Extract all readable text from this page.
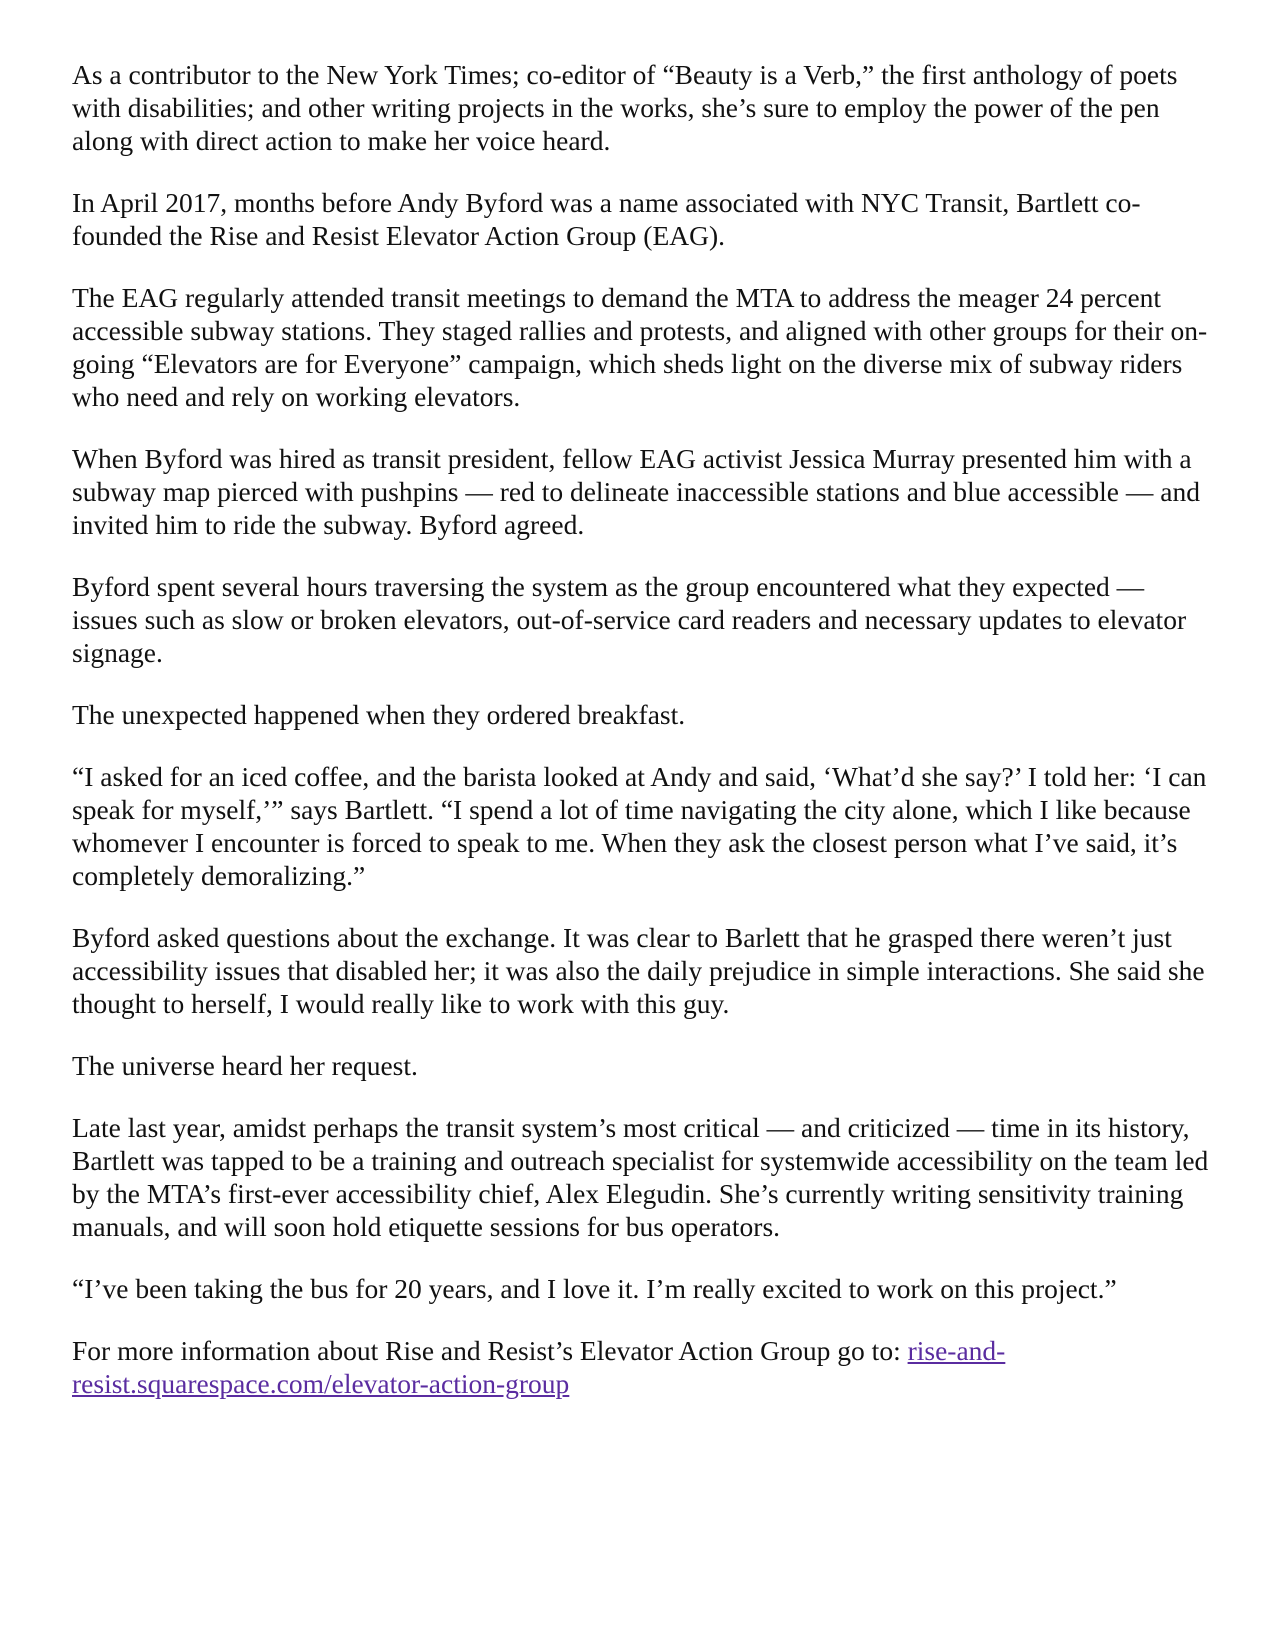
As a contributor to the New York Times; co-editor of “Beauty is a Verb,” the first anthology of poets with disabilities; and other writing projects in the works, she’s sure to employ the power of the pen along with direct action to make her voice heard.

In April 2017, months before Andy Byford was a name associated with NYC Transit, Bartlett co-founded the Rise and Resist Elevator Action Group (EAG).

The EAG regularly attended transit meetings to demand the MTA to address the meager 24 percent accessible subway stations. They staged rallies and protests, and aligned with other groups for their on-going “Elevators are for Everyone” campaign, which sheds light on the diverse mix of subway riders who need and rely on working elevators.

When Byford was hired as transit president, fellow EAG activist Jessica Murray presented him with a subway map pierced with pushpins — red to delineate inaccessible stations and blue accessible — and invited him to ride the subway. Byford agreed.

Byford spent several hours traversing the system as the group encountered what they expected — issues such as slow or broken elevators, out-of-service card readers and necessary updates to elevator signage.

The unexpected happened when they ordered breakfast.

“I asked for an iced coffee, and the barista looked at Andy and said, ‘What’d she say?’ I told her: ‘I can speak for myself,’” says Bartlett. “I spend a lot of time navigating the city alone, which I like because whomever I encounter is forced to speak to me. When they ask the closest person what I’ve said, it’s completely demoralizing.”

Byford asked questions about the exchange. It was clear to Barlett that he grasped there weren’t just accessibility issues that disabled her; it was also the daily prejudice in simple interactions. She said she thought to herself, I would really like to work with this guy.

The universe heard her request.

Late last year, amidst perhaps the transit system’s most critical — and criticized — time in its history, Bartlett was tapped to be a training and outreach specialist for systemwide accessibility on the team led by the MTA’s first-ever accessibility chief, Alex Elegudin. She’s currently writing sensitivity training manuals, and will soon hold etiquette sessions for bus operators.

“I’ve been taking the bus for 20 years, and I love it. I’m really excited to work on this project.”

For more information about Rise and Resist’s Elevator Action Group go to: rise-and-resist.squarespace.com/elevator-action-group
